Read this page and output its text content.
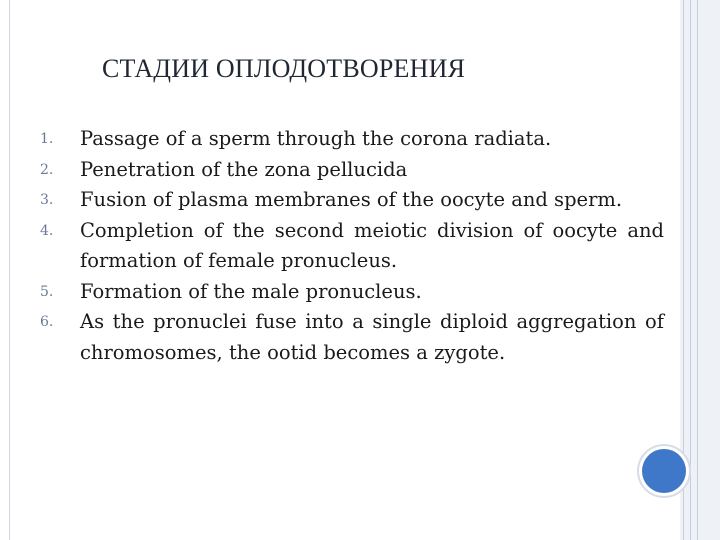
СТАДИИ ОПЛОДОТВОРЕНИЯ
1.	Passage of a sperm through the corona radiata.
2.	Penetration of the zona pellucida
3.	Fusion of plasma membranes of the oocyte and sperm.
4.	Completion of the second meiotic division of oocyte and formation of female pronucleus.
5.	Formation of the male pronucleus.
6.	As the pronuclei fuse into a single diploid aggregation of chromosomes, the ootid becomes a zygote.
